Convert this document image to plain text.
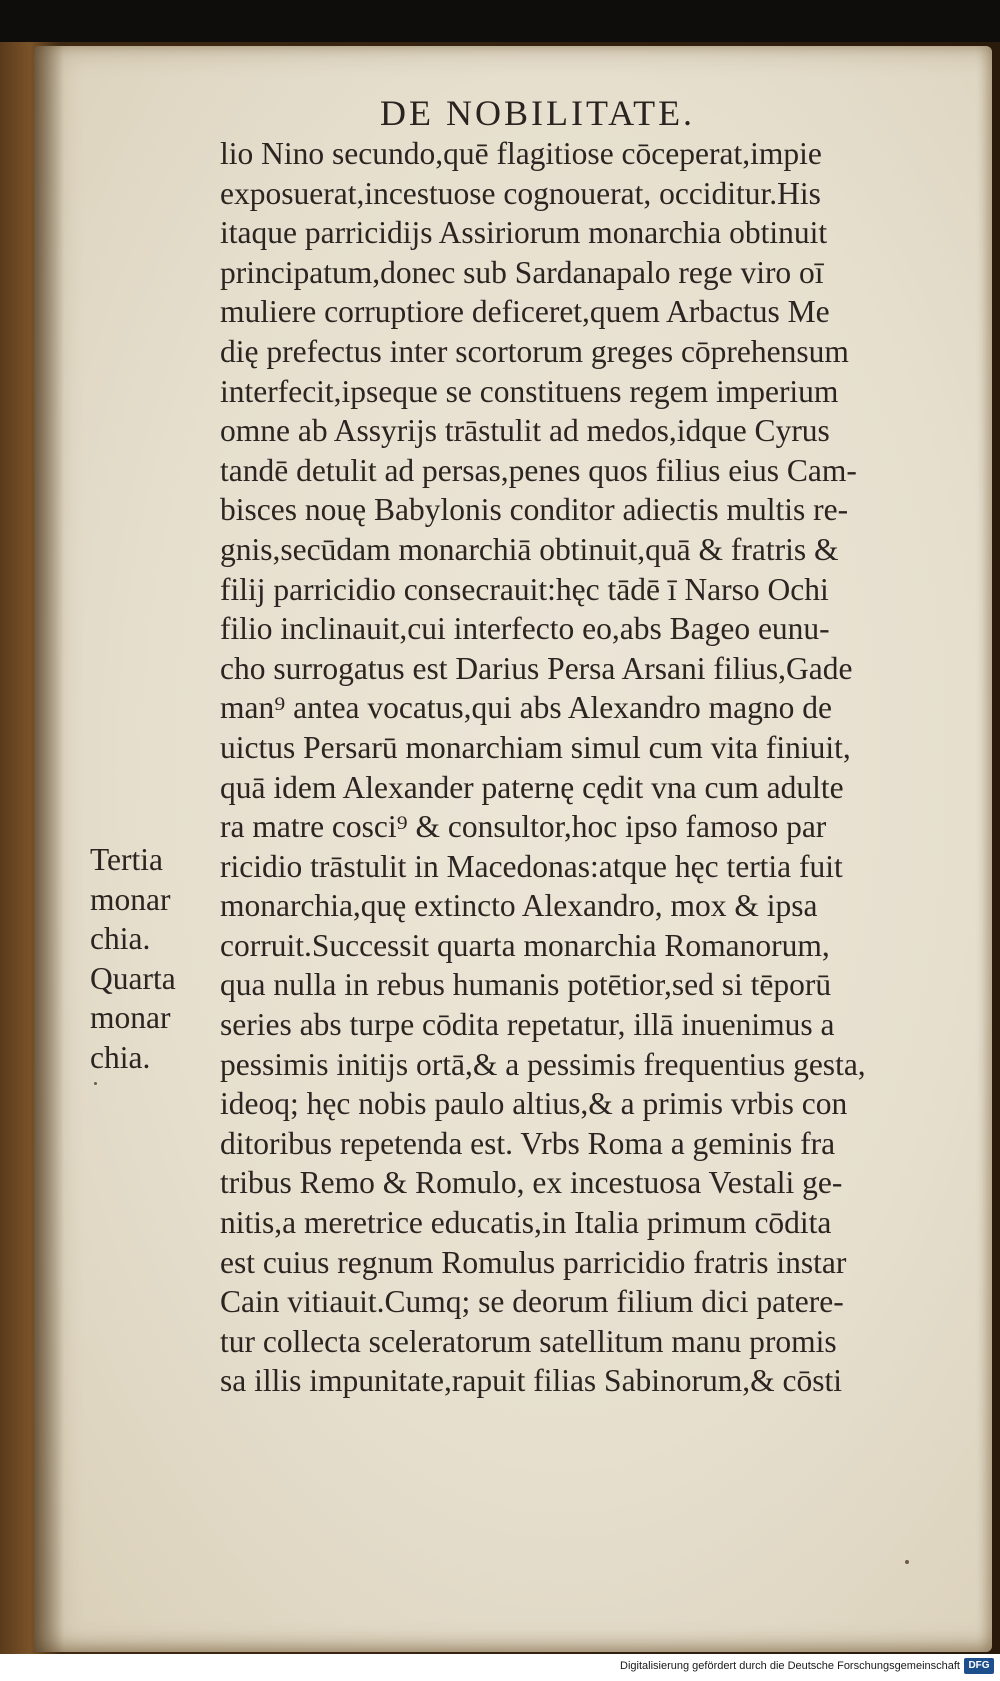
DE NOBILITATE.
lio Nino secundo,quē flagitiose cōceperat,impie
exposuerat,incestuose cognouerat, occiditur.His
itaque parricidijs Assiriorum monarchia obtinuit
principatum,donec sub Sardanapalo rege viro oī
muliere corruptiore deficeret,quem Arbactus Me
dię prefectus inter scortorum greges cōprehensum
interfecit,ipseque se constituens regem imperium
omne ab Assyrijs trāstulit ad medos,idque Cyrus
tandē detulit ad persas,penes quos filius eius Cam-
bisces nouę Babylonis conditor adiectis multis re-
gnis,secūdam monarchiā obtinuit,quā & fratris &
filij parricidio consecrauit:hęc tādē ī Narso Ochi
filio inclinauit,cui interfecto eo,abs Bageo eunu-
cho surrogatus est Darius Persa Arsani filius,Gade
man⁹ antea vocatus,qui abs Alexandro magno de
uictus Persarū monarchiam simul cum vita finiuit,
quā idem Alexander paternę cędit vna cum adulte
ra matre cosci⁹ & consultor,hoc ipso famoso par
ricidio trāstulit in Macedonas:atque hęc tertia fuit
monarchia,quę extincto Alexandro, mox & ipsa
corruit.Successit quarta monarchia Romanorum,
qua nulla in rebus humanis potētior,sed si tēporū
series abs turpe cōdita repetatur, illā inuenimus a
pessimis initijs ortā,& a pessimis frequentius gesta,
ideoq; hęc nobis paulo altius,& a primis vrbis con
ditoribus repetenda est. Vrbs Roma a geminis fra
tribus Remo & Romulo, ex incestuosa Vestali ge-
nitis,a meretrice educatis,in Italia primum cōdita
est cuius regnum Romulus parricidio fratris instar
Cain vitiauit.Cumq; se deorum filium dici patere-
tur collecta sceleratorum satellitum manu promis
sa illis impunitate,rapuit filias Sabinorum,& cōsti
Tertia
monar
chia.
Quarta
monar
chia.
Digitalisierung gefördert durch die Deutsche Forschungsgemeinschaft DFG
